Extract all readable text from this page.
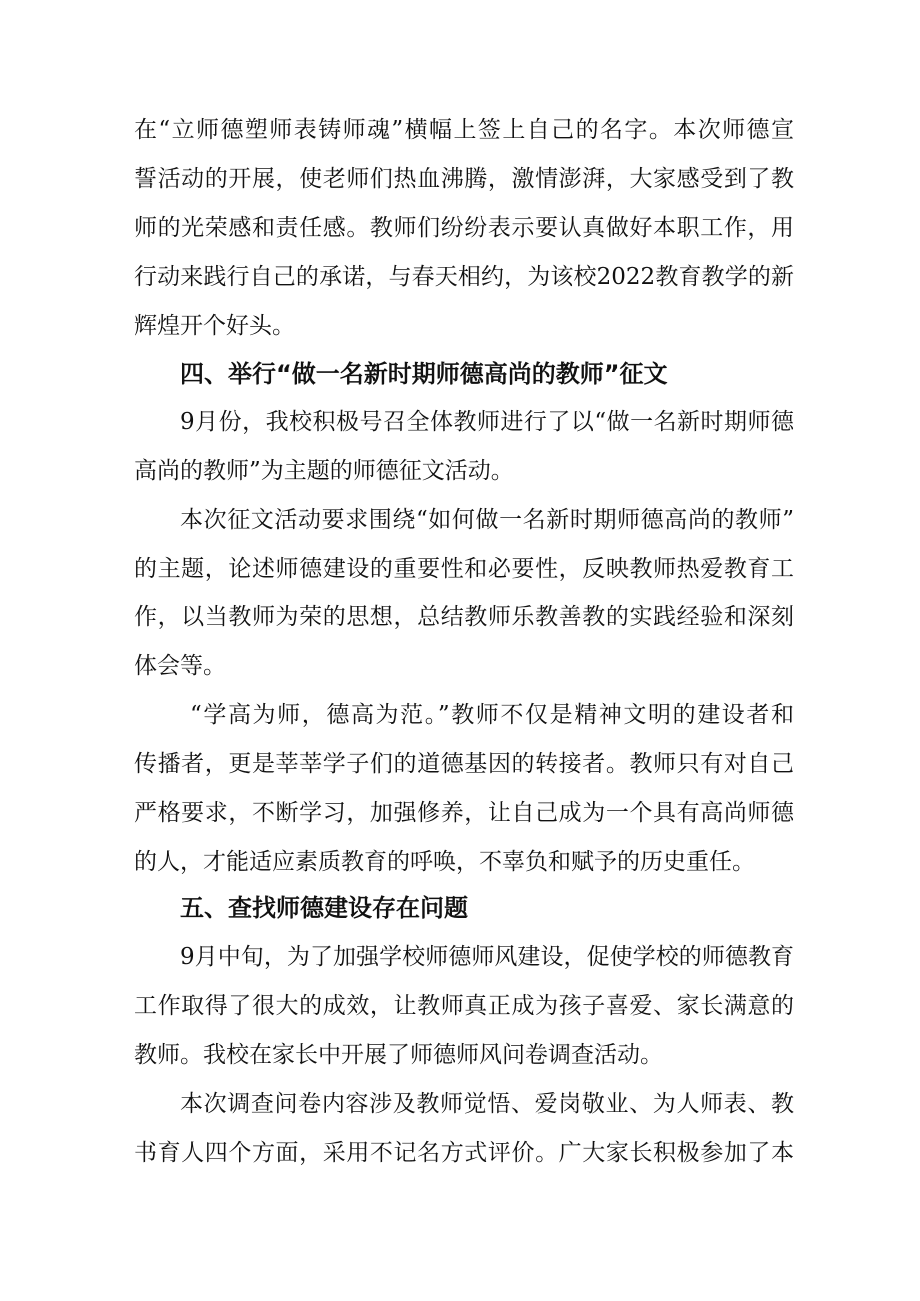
在“立师德塑师表铸师魂”横幅上签上自己的名字。本次师德宣
誓活动的开展，使老师们热血沸腾，激情澎湃，大家感受到了教
师的光荣感和责任感。教师们纷纷表示要认真做好本职工作，用
行动来践行自己的承诺，与春天相约，为该校2022教育教学的新
辉煌开个好头。
四、举行“做一名新时期师德高尚的教师”征文
9月份，我校积极号召全体教师进行了以“做一名新时期师德
高尚的教师”为主题的师德征文活动。
本次征文活动要求围绕“如何做一名新时期师德高尚的教师”
的主题，论述师德建设的重要性和必要性，反映教师热爱教育工
作，以当教师为荣的思想，总结教师乐教善教的实践经验和深刻
体会等。
“学高为师，德高为范。”教师不仅是精神文明的建设者和
传播者，更是莘莘学子们的道德基因的转接者。教师只有对自己
严格要求，不断学习，加强修养，让自己成为一个具有高尚师德
的人，才能适应素质教育的呼唤，不辜负和赋予的历史重任。
五、查找师德建设存在问题
9月中旬，为了加强学校师德师风建设，促使学校的师德教育
工作取得了很大的成效，让教师真正成为孩子喜爱、家长满意的
教师。我校在家长中开展了师德师风问卷调查活动。
本次调查问卷内容涉及教师觉悟、爱岗敬业、为人师表、教
书育人四个方面，采用不记名方式评价。广大家长积极参加了本
